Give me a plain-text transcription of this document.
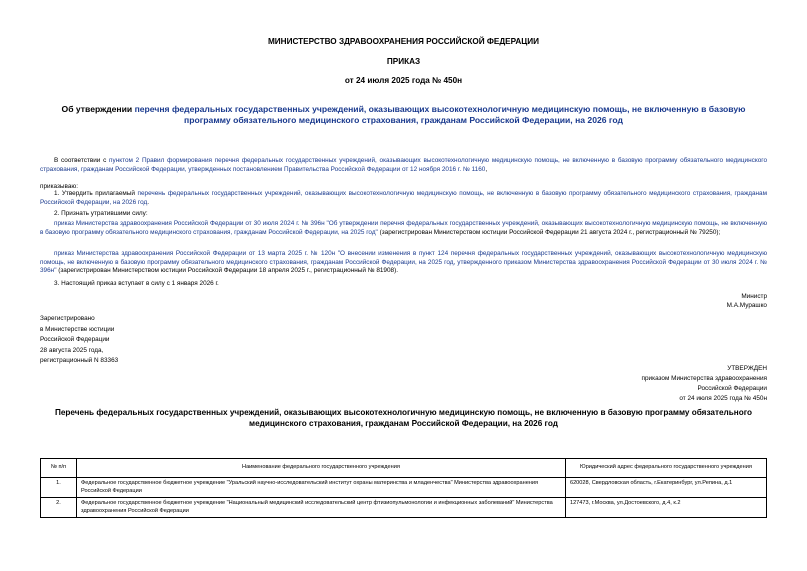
МИНИСТЕРСТВО ЗДРАВООХРАНЕНИЯ РОССИЙСКОЙ ФЕДЕРАЦИИ
ПРИКАЗ
от 24 июля 2025 года № 450н
Об утверждении перечня федеральных государственных учреждений, оказывающих высокотехнологичную медицинскую помощь, не включенную в базовую программу обязательного медицинского страхования, гражданам Российской Федерации, на 2026 год
В соответствии с пунктом 2 Правил формирования перечня федеральных государственных учреждений, оказывающих высокотехнологичную медицинскую помощь, не включенную в базовую программу обязательного медицинского страхования, гражданам Российской Федерации, утвержденных постановлением Правительства Российской Федерации от 12 ноября 2016 г. № 1160,
приказываю:
1. Утвердить прилагаемый перечень федеральных государственных учреждений, оказывающих высокотехнологичную медицинскую помощь, не включенную в базовую программу обязательного медицинского страхования, гражданам Российской Федерации, на 2026 год.
2. Признать утратившими силу:
приказ Министерства здравоохранения Российской Федерации от 30 июля 2024 г. № 396н "Об утверждении перечня федеральных государственных учреждений, оказывающих высокотехнологичную медицинскую помощь, не включенную в базовую программу обязательного медицинского страхования, гражданам Российской Федерации, на 2025 год" (зарегистрирован Министерством юстиции Российской Федерации 21 августа 2024 г., регистрационный № 79250);
приказ Министерства здравоохранения Российской Федерации от 13 марта 2025 г. № 120н "О внесении изменения в пункт 124 перечня федеральных государственных учреждений, оказывающих высокотехнологичную медицинскую помощь, не включенную в базовую программу обязательного медицинского страхования, гражданам Российской Федерации, на 2025 год, утвержденного приказом Министерства здравоохранения Российской Федерации от 30 июля 2024 г. № 396н" (зарегистрирован Министерством юстиции Российской Федерации 18 апреля 2025 г., регистрационный № 81908).
3. Настоящий приказ вступает в силу с 1 января 2026 г.
Министр
М.А.Мурашко
Зарегистрировано
в Министерстве юстиции
Российской Федерации
28 августа 2025 года,
регистрационный N 83363
УТВЕРЖДЕН
приказом Министерства здравоохранения
Российской Федерации
от 24 июля 2025 года № 450н
Перечень федеральных государственных учреждений, оказывающих высокотехнологичную медицинскую помощь, не включенную в базовую программу обязательного медицинского страхования, гражданам Российской Федерации, на 2026 год
№ п/п	Наименование федерального государственного учреждения	Юридический адрес федерального государственного учреждения
1.	Федеральное государственное бюджетное учреждение "Уральский научно-исследовательский институт охраны материнства и младенчества" Министерства здравоохранения Российской Федерации	620028, Свердловская область, г.Екатеринбург, ул.Репина, д.1
2.	Федеральное государственное бюджетное учреждение "Национальный медицинский исследовательский центр фтизиопульмонологии и инфекционных заболеваний" Министерства здравоохранения Российской Федерации	127473, г.Москва, ул.Достоевского, д.4, к.2
